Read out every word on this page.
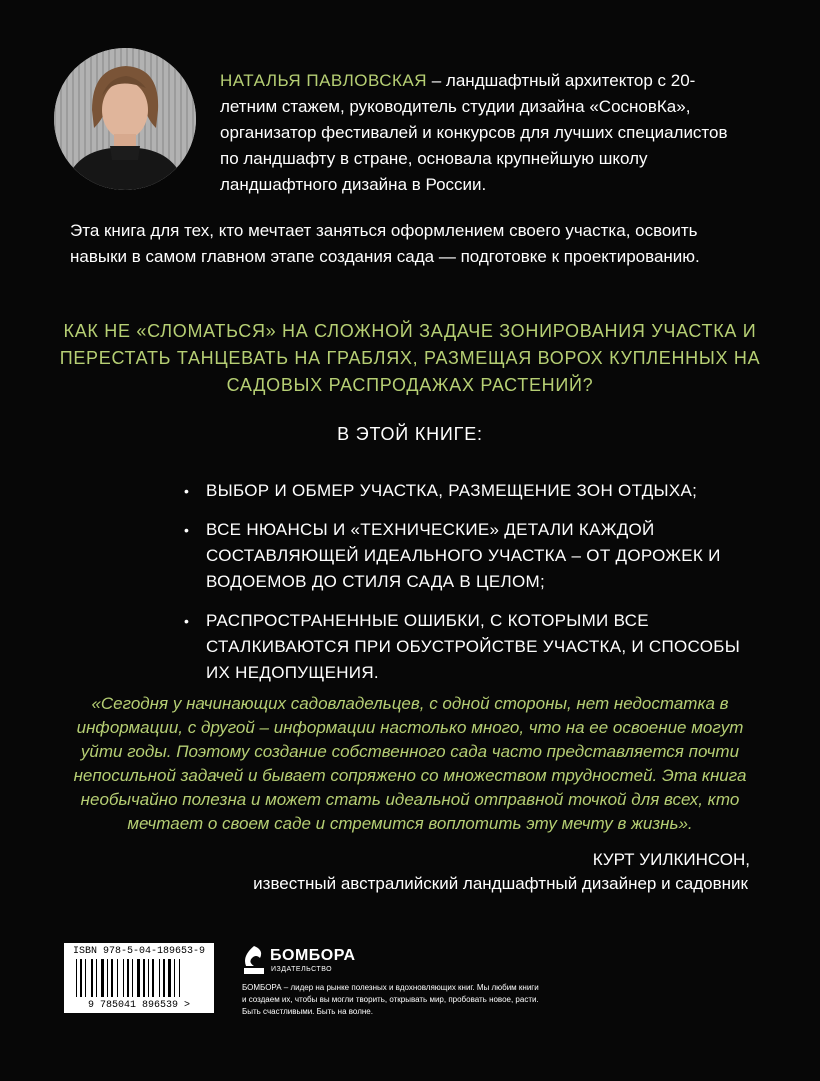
НАТАЛЬЯ ПАВЛОВСКАЯ – ландшафтный архитектор с 20-летним стажем, руководитель студии дизайна «СосновКа», организатор фестивалей и конкурсов для лучших специалистов по ландшафту в стране, основала крупнейшую школу ландшафтного дизайна в России.
Эта книга для тех, кто мечтает заняться оформлением своего участка, освоить навыки в самом главном этапе создания сада — подготовке к проектированию.
КАК НЕ «СЛОМАТЬСЯ» НА СЛОЖНОЙ ЗАДАЧЕ ЗОНИРОВАНИЯ УЧАСТКА И ПЕРЕСТАТЬ ТАНЦЕВАТЬ НА ГРАБЛЯХ, РАЗМЕЩАЯ ВОРОХ КУПЛЕННЫХ НА САДОВЫХ РАСПРОДАЖАХ РАСТЕНИЙ?
В ЭТОЙ КНИГЕ:
• ВЫБОР И ОБМЕР УЧАСТКА, РАЗМЕЩЕНИЕ ЗОН ОТДЫХА;
• ВСЕ НЮАНСЫ И «ТЕХНИЧЕСКИЕ» ДЕТАЛИ КАЖДОЙ СОСТАВЛЯЮЩЕЙ ИДЕАЛЬНОГО УЧАСТКА – ОТ ДОРОЖЕК И ВОДОЕМОВ ДО СТИЛЯ САДА В ЦЕЛОМ;
• РАСПРОСТРАНЕННЫЕ ОШИБКИ, С КОТОРЫМИ ВСЕ СТАЛКИВАЮТСЯ ПРИ ОБУСТРОЙСТВЕ УЧАСТКА, И СПОСОБЫ ИХ НЕДОПУЩЕНИЯ.
«Сегодня у начинающих садовладельцев, с одной стороны, нет недостатка в информации, с другой – информации настолько много, что на ее освоение могут уйти годы. Поэтому создание собственного сада часто представляется почти непосильной задачей и бывает сопряжено со множеством трудностей. Эта книга необычайно полезна и может стать идеальной отправной точкой для всех, кто мечтает о своем саде и стремится воплотить эту мечту в жизнь».
КУРТ УИЛКИНСОН,
известный австралийский ландшафтный дизайнер и садовник
ISBN 978-5-04-189653-9
9 785041 896539 >
БОМБОРА
ИЗДАТЕЛЬСТВО
БОМБОРА – лидер на рынке полезных и вдохновляющих книг. Мы любим книги и создаем их, чтобы вы могли творить, открывать мир, пробовать новое, расти. Быть счастливыми. Быть на волне.
